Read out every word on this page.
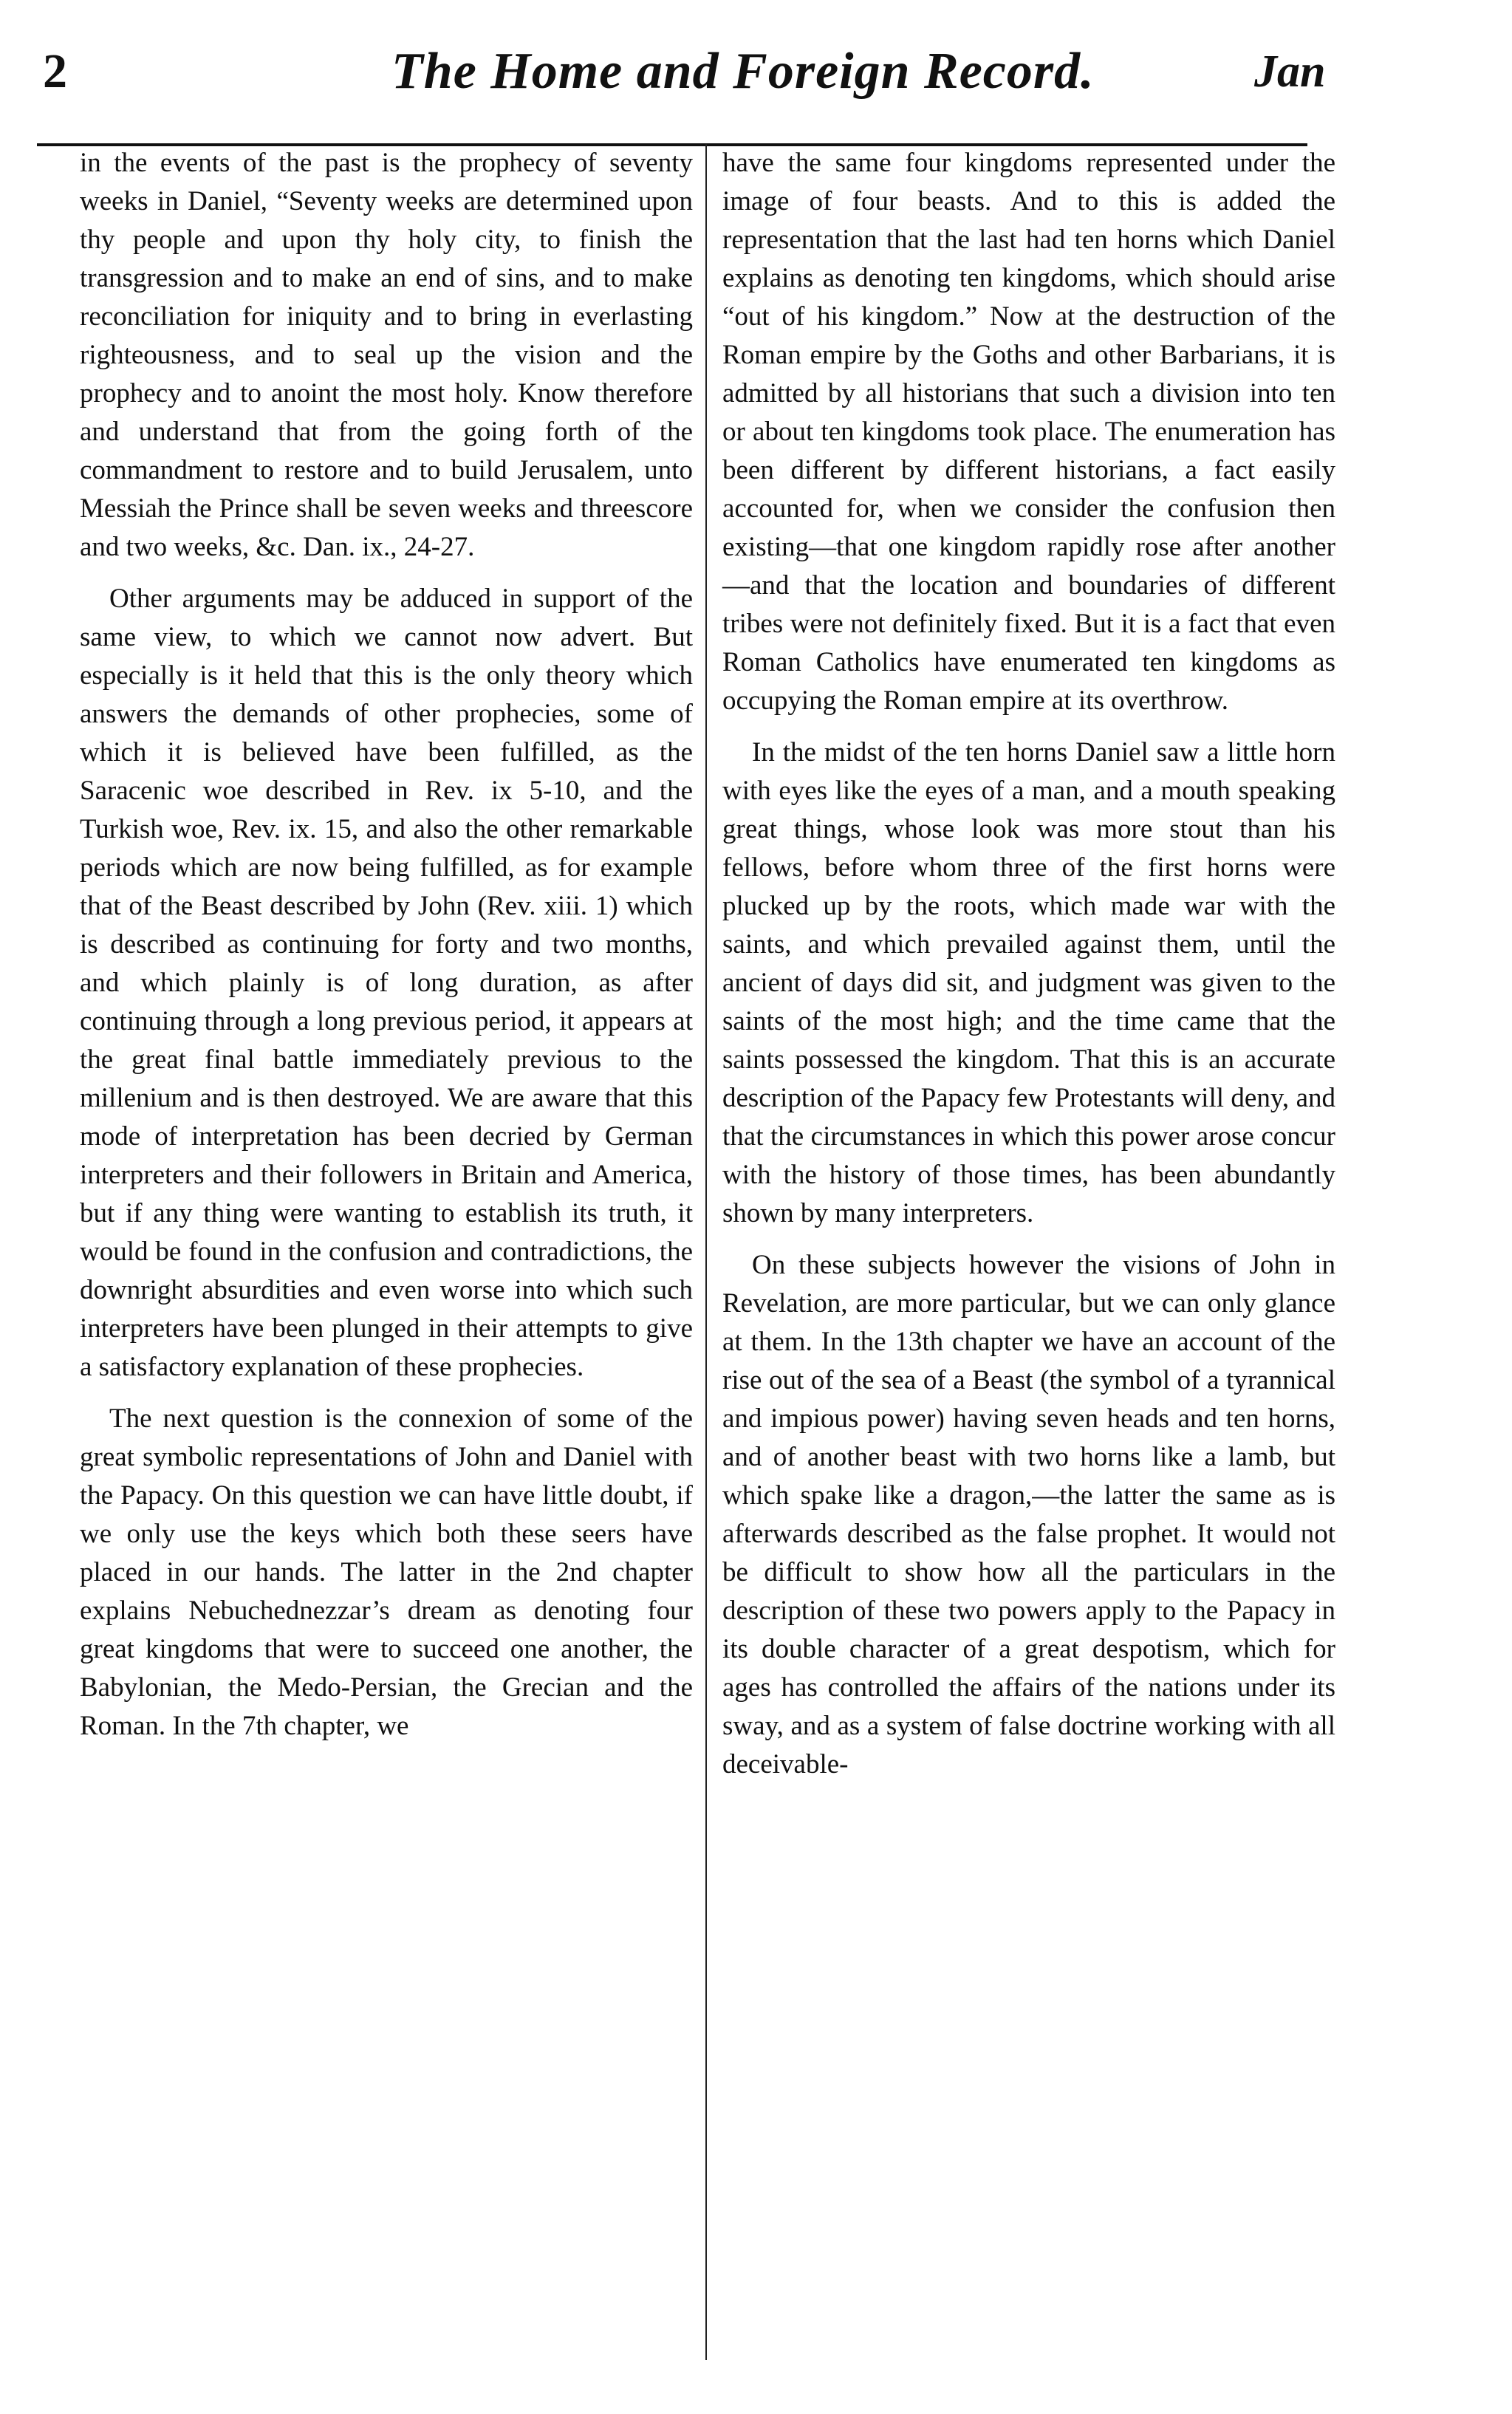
2	The Home and Foreign Record.	Jan

in the events of the past is the prophecy of seventy weeks in Daniel, “Seventy weeks are determined upon thy people and upon thy holy city, to finish the transgression and to make an end of sins, and to make reconciliation for iniquity and to bring in everlasting righteousness, and to seal up the vision and the prophecy and to anoint the most holy. Know therefore and understand that from the going forth of the commandment to restore and to build Jerusalem, unto Messiah the Prince shall be seven weeks and threescore and two weeks, &c. Dan. ix., 24-27.

Other arguments may be adduced in support of the same view, to which we cannot now advert. But especially is it held that this is the only theory which answers the demands of other prophecies, some of which it is believed have been fulfilled, as the Saracenic woe described in Rev. ix 5-10, and the Turkish woe, Rev. ix. 15, and also the other remarkable periods which are now being fulfilled, as for example that of the Beast described by John (Rev. xiii. 1) which is described as continuing for forty and two months, and which plainly is of long duration, as after continuing through a long previous period, it appears at the great final battle immediately previous to the millenium and is then destroyed. We are aware that this mode of interpretation has been decried by German interpreters and their followers in Britain and America, but if any thing were wanting to establish its truth, it would be found in the confusion and contradictions, the downright absurdities and even worse into which such interpreters have been plunged in their attempts to give a satisfactory explanation of these prophecies.

The next question is the connexion of some of the great symbolic representations of John and Daniel with the Papacy. On this question we can have little doubt, if we only use the keys which both these seers have placed in our hands. The latter in the 2nd chapter explains Nebuchednezzar’s dream as denoting four great kingdoms that were to succeed one another, the Babylonian, the Medo-Persian, the Grecian and the Roman. In the 7th chapter, we

have the same four kingdoms represented under the image of four beasts. And to this is added the representation that the last had ten horns which Daniel explains as denoting ten kingdoms, which should arise “out of his kingdom.” Now at the destruction of the Roman empire by the Goths and other Barbarians, it is admitted by all historians that such a division into ten or about ten kingdoms took place. The enumeration has been different by different historians, a fact easily accounted for, when we consider the confusion then existing—that one kingdom rapidly rose after another—and that the location and boundaries of different tribes were not definitely fixed. But it is a fact that even Roman Catholics have enumerated ten kingdoms as occupying the Roman empire at its overthrow.

In the midst of the ten horns Daniel saw a little horn with eyes like the eyes of a man, and a mouth speaking great things, whose look was more stout than his fellows, before whom three of the first horns were plucked up by the roots, which made war with the saints, and which prevailed against them, until the ancient of days did sit, and judgment was given to the saints of the most high; and the time came that the saints possessed the kingdom. That this is an accurate description of the Papacy few Protestants will deny, and that the circumstances in which this power arose concur with the history of those times, has been abundantly shown by many interpreters.

On these subjects however the visions of John in Revelation, are more particular, but we can only glance at them. In the 13th chapter we have an account of the rise out of the sea of a Beast (the symbol of a tyrannical and impious power) having seven heads and ten horns, and of another beast with two horns like a lamb, but which spake like a dragon,—the latter the same as is afterwards described as the false prophet. It would not be difficult to show how all the particulars in the description of these two powers apply to the Papacy in its double character of a great despotism, which for ages has controlled the affairs of the nations under its sway, and as a system of false doctrine working with all deceivable-
